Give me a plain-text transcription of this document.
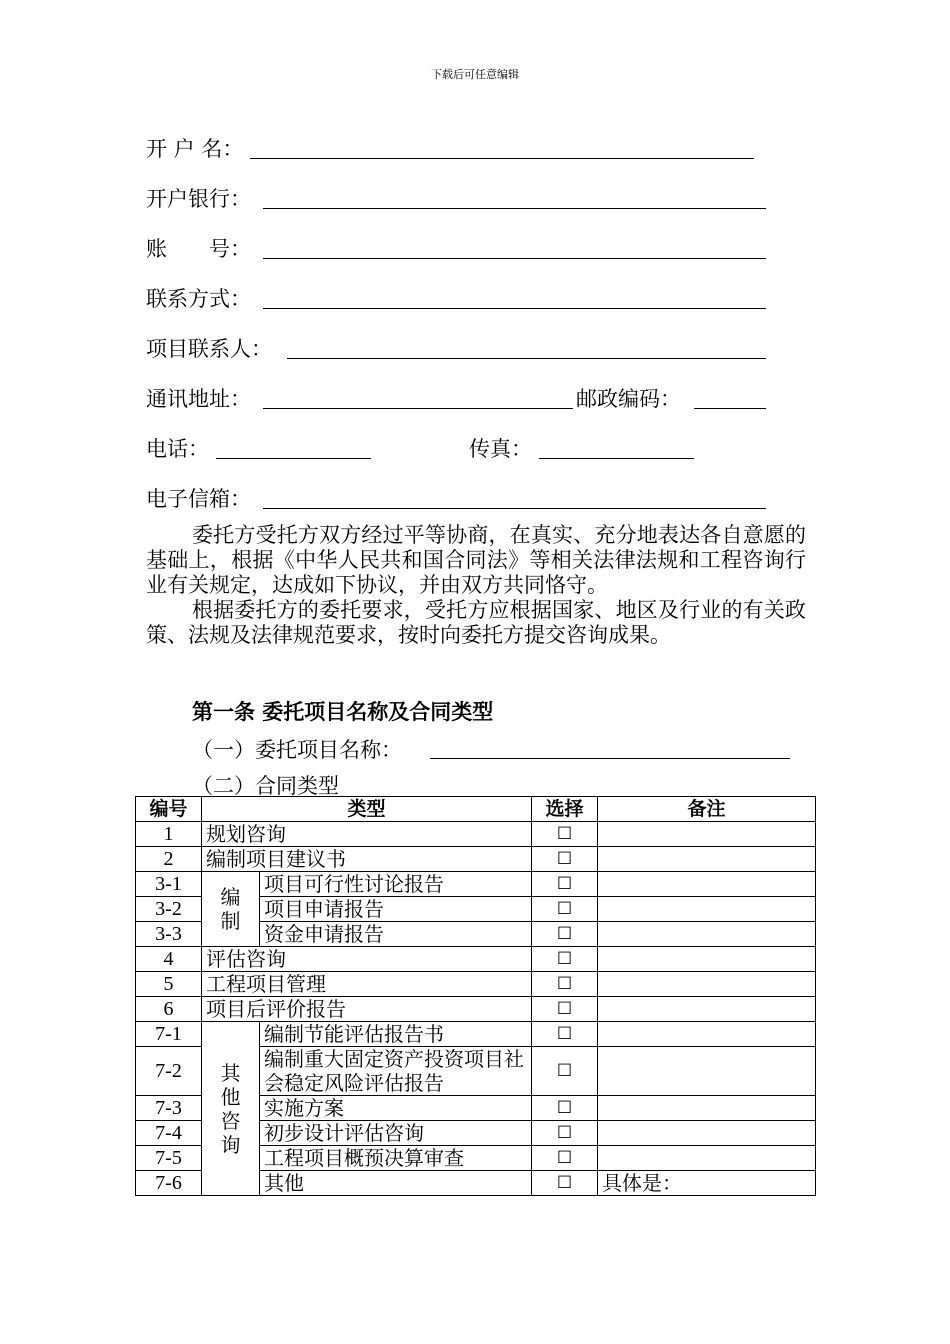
下载后可任意编辑
开 户 名：
开户银行：
账　　号：
联系方式：
项目联系人：
通讯地址：	邮政编码：
电话：	传真：
电子信箱：

委托方受托方双方经过平等协商，在真实、充分地表达各自意愿的基础上，根据《中华人民共和国合同法》等相关法律法规和工程咨询行业有关规定，达成如下协议，并由双方共同恪守。

根据委托方的委托要求，受托方应根据国家、地区及行业的有关政策、法规及法律规范要求，按时向委托方提交咨询成果。

第一条 委托项目名称及合同类型
（一）委托项目名称：
（二）合同类型
编号	类型		选择	备注
1	规划咨询		☐	
2	编制项目建议书		☐	
3-1	编制	项目可行性讨论报告	☐	
3-2		项目申请报告	☐	
3-3		资金申请报告	☐	
4	评估咨询		☐	
5	工程项目管理		☐	
6	项目后评价报告		☐	
7-1	其他咨询	编制节能评估报告书	☐	
7-2		编制重大固定资产投资项目社会稳定风险评估报告	☐	
7-3		实施方案	☐	
7-4		初步设计评估咨询	☐	
7-5		工程项目概预决算审查	☐	
7-6		其他	☐	具体是：
